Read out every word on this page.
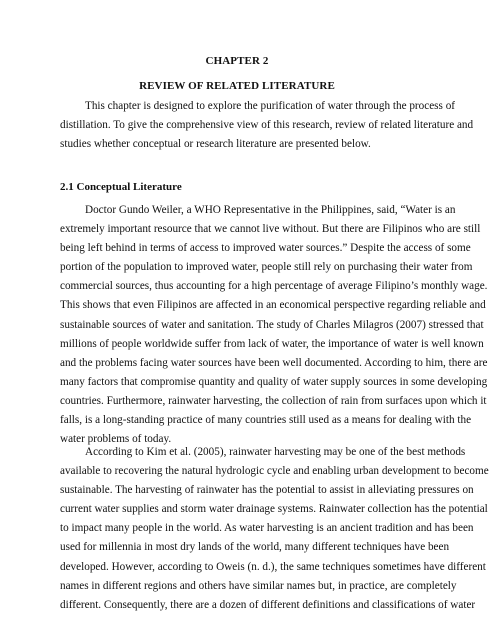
CHAPTER 2
REVIEW OF RELATED LITERATURE
This chapter is designed to explore the purification of water through the process of
distillation. To give the comprehensive view of this research, review of related literature and
studies whether conceptual or research literature are presented below.
2.1 Conceptual Literature
Doctor Gundo Weiler, a WHO Representative in the Philippines, said, “Water is an
extremely important resource that we cannot live without. But there are Filipinos who are still
being left behind in terms of access to improved water sources.” Despite the access of some
portion of the population to improved water, people still rely on purchasing their water from
commercial sources, thus accounting for a high percentage of average Filipino’s monthly wage.
This shows that even Filipinos are affected in an economical perspective regarding reliable and
sustainable sources of water and sanitation. The study of Charles Milagros (2007) stressed that
millions of people worldwide suffer from lack of water, the importance of water is well known
and the problems facing water sources have been well documented. According to him, there are
many factors that compromise quantity and quality of water supply sources in some developing
countries. Furthermore, rainwater harvesting, the collection of rain from surfaces upon which it
falls, is a long-standing practice of many countries still used as a means for dealing with the
water problems of today.
According to Kim et al. (2005), rainwater harvesting may be one of the best methods
available to recovering the natural hydrologic cycle and enabling urban development to become
sustainable. The harvesting of rainwater has the potential to assist in alleviating pressures on
current water supplies and storm water drainage systems. Rainwater collection has the potential
to impact many people in the world. As water harvesting is an ancient tradition and has been
used for millennia in most dry lands of the world, many different techniques have been
developed. However, according to Oweis (n. d.), the same techniques sometimes have different
names in different regions and others have similar names but, in practice, are completely
different. Consequently, there are a dozen of different definitions and classifications of water
